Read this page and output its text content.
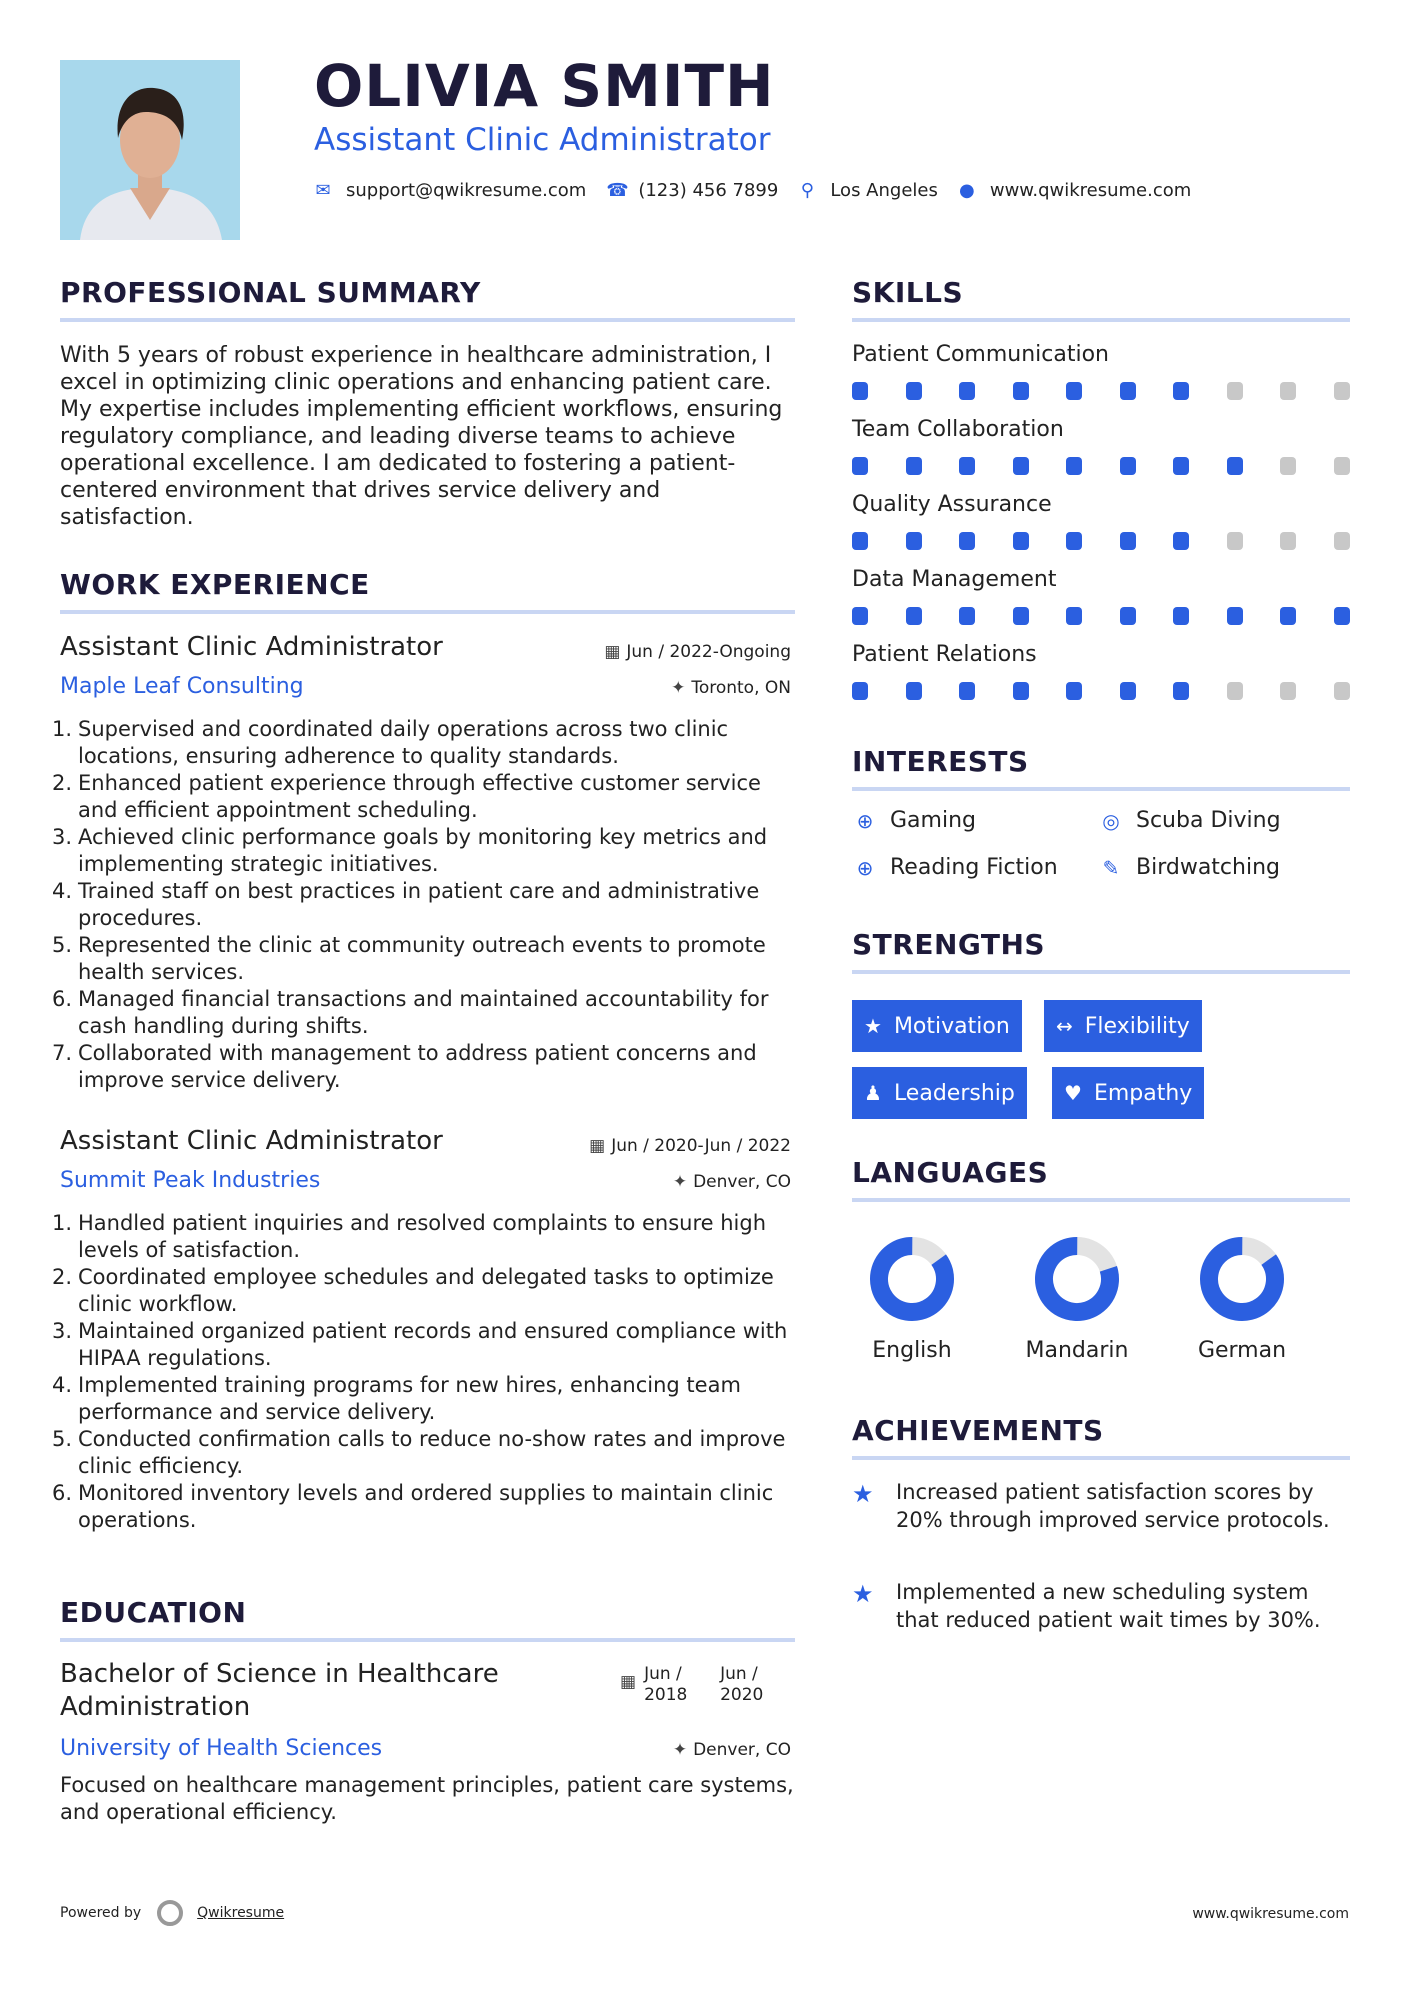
OLIVIA SMITH
Assistant Clinic Administrator
✉ support@qwikresume.com ☎ (123) 456 7899 ⚲ Los Angeles ● www.qwikresume.com
PROFESSIONAL SUMMARY
With 5 years of robust experience in healthcare administration, I excel in optimizing clinic operations and enhancing patient care. My expertise includes implementing efficient workflows, ensuring regulatory compliance, and leading diverse teams to achieve operational excellence. I am dedicated to fostering a patient-centered environment that drives service delivery and satisfaction.
WORK EXPERIENCE
Assistant Clinic Administrator	▦ Jun / 2022-Ongoing
Maple Leaf Consulting	✦ Toronto, ON
1. Supervised and coordinated daily operations across two clinic locations, ensuring adherence to quality standards.
2. Enhanced patient experience through effective customer service and efficient appointment scheduling.
3. Achieved clinic performance goals by monitoring key metrics and implementing strategic initiatives.
4. Trained staff on best practices in patient care and administrative procedures.
5. Represented the clinic at community outreach events to promote health services.
6. Managed financial transactions and maintained accountability for cash handling during shifts.
7. Collaborated with management to address patient concerns and improve service delivery.
Assistant Clinic Administrator	▦ Jun / 2020-Jun / 2022
Summit Peak Industries	✦ Denver, CO
1. Handled patient inquiries and resolved complaints to ensure high levels of satisfaction.
2. Coordinated employee schedules and delegated tasks to optimize clinic workflow.
3. Maintained organized patient records and ensured compliance with HIPAA regulations.
4. Implemented training programs for new hires, enhancing team performance and service delivery.
5. Conducted confirmation calls to reduce no-show rates and improve clinic efficiency.
6. Monitored inventory levels and ordered supplies to maintain clinic operations.
EDUCATION
Bachelor of Science in Healthcare Administration
▦ Jun / 2018
Jun / 2020
University of Health Sciences	✦ Denver, CO
Focused on healthcare management principles, patient care systems, and operational efficiency.
SKILLS
Patient Communication
Team Collaboration
Quality Assurance
Data Management
Patient Relations
INTERESTS
⊕ Gaming	◎ Scuba Diving
⊕ Reading Fiction ✎ Birdwatching
STRENGTHS
★ Motivation ↔ Flexibility
♟ Leadership ♥ Empathy
LANGUAGES
English	Mandarin	German
ACHIEVEMENTS
★	Increased patient satisfaction scores by 20% through improved service protocols.
★	Implemented a new scheduling system that reduced patient wait times by 30%.
Powered by	Qwikresume	www.qwikresume.com
